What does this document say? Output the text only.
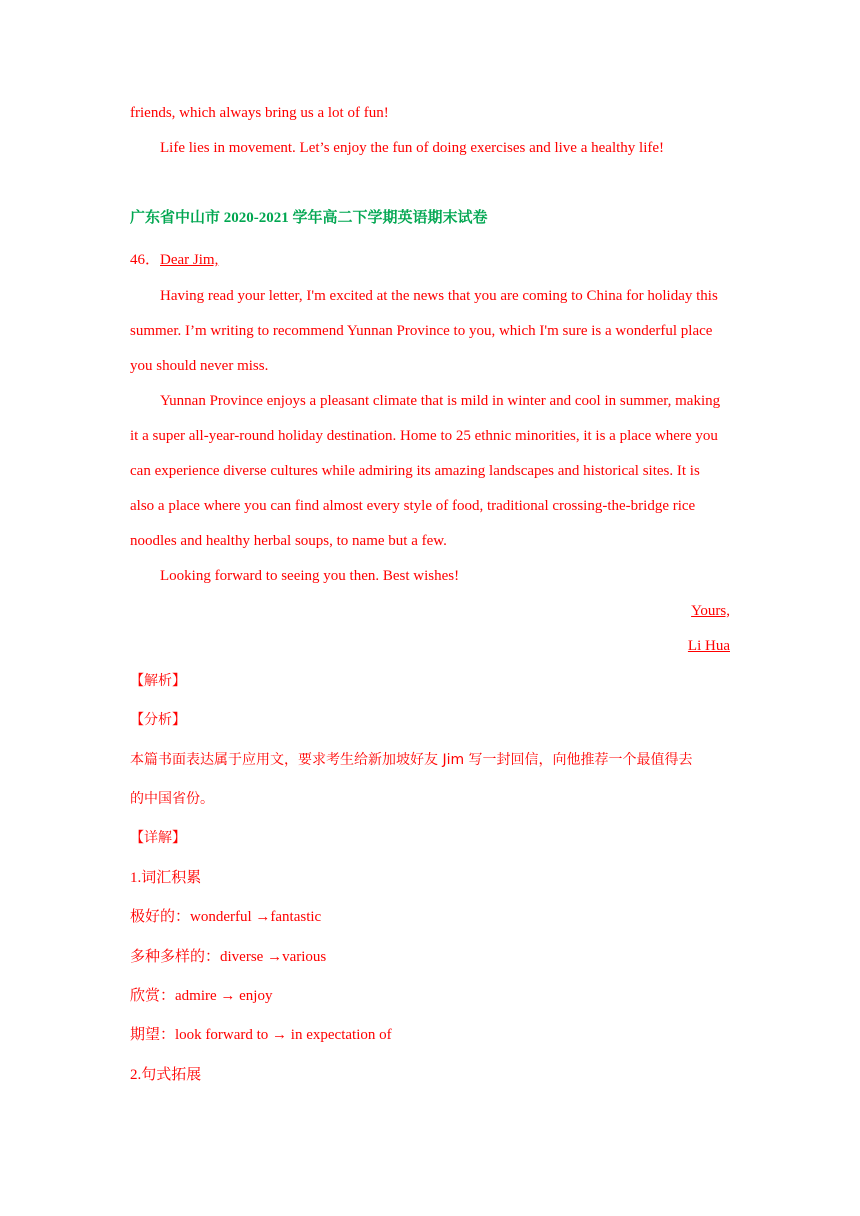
friends, which always bring us a lot of fun!
Life lies in movement. Let’s enjoy the fun of doing exercises and live a healthy life!
广东省中山市 2020-2021 学年高二下学期英语期末试卷
46．Dear Jim,
Having read your letter, I'm excited at the news that you are coming to China for holiday this
summer. I’m writing to recommend Yunnan Province to you, which I'm sure is a wonderful place
you should never miss.
Yunnan Province enjoys a pleasant climate that is mild in winter and cool in summer, making
it a super all-year-round holiday destination. Home to 25 ethnic minorities, it is a place where you
can experience diverse cultures while admiring its amazing landscapes and historical sites. It is
also a place where you can find almost every style of food, traditional crossing-the-bridge rice
noodles and healthy herbal soups, to name but a few.
Looking forward to seeing you then. Best wishes!
Yours,
Li Hua
【解析】
【分析】
本篇书面表达属于应用文，要求考生给新加坡好友 Jim 写一封回信，向他推荐一个最值得去
的中国省份。
【详解】
1.词汇积累
极好的：wonderful →fantastic
多种多样的：diverse →various
欣赏：admire → enjoy
期望：look forward to → in expectation of
2.句式拓展
